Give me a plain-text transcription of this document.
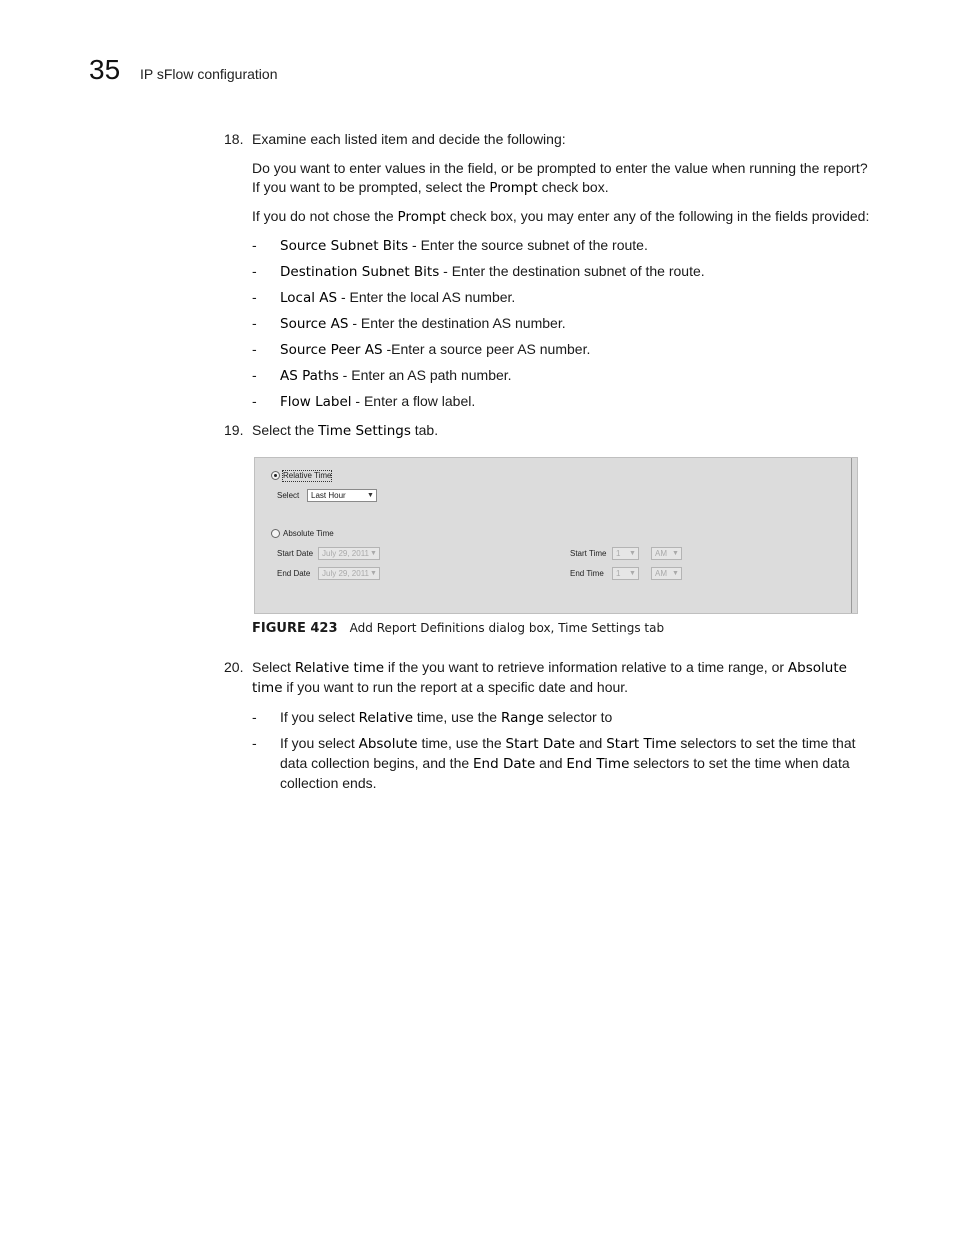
35 IP sFlow configuration
18. Examine each listed item and decide the following:

Do you want to enter values in the field, or be prompted to enter the value when running the report? If you want to be prompted, select the Prompt check box.

If you do not chose the Prompt check box, you may enter any of the following in the fields provided:

- Source Subnet Bits - Enter the source subnet of the route.
- Destination Subnet Bits - Enter the destination subnet of the route.
- Local AS - Enter the local AS number.
- Source AS - Enter the destination AS number.
- Source Peer AS -Enter a source peer AS number.
- AS Paths - Enter an AS path number.
- Flow Label - Enter a flow label.
19. Select the Time Settings tab.
Relative Time
Select	Last Hour	▼
Absolute Time
Start Date	July 29, 2011 ▼
End Date	July 29, 2011 ▼
Start Time	1 ▼	AM ▼
End Time	1 ▼	AM ▼
FIGURE 423 Add Report Definitions dialog box, Time Settings tab
20. Select Relative time if the you want to retrieve information relative to a time range, or Absolute time if you want to run the report at a specific date and hour.
- If you select Relative time, use the Range selector to
- If you select Absolute time, use the Start Date and Start Time selectors to set the time that data collection begins, and the End Date and End Time selectors to set the time when data collection ends.
